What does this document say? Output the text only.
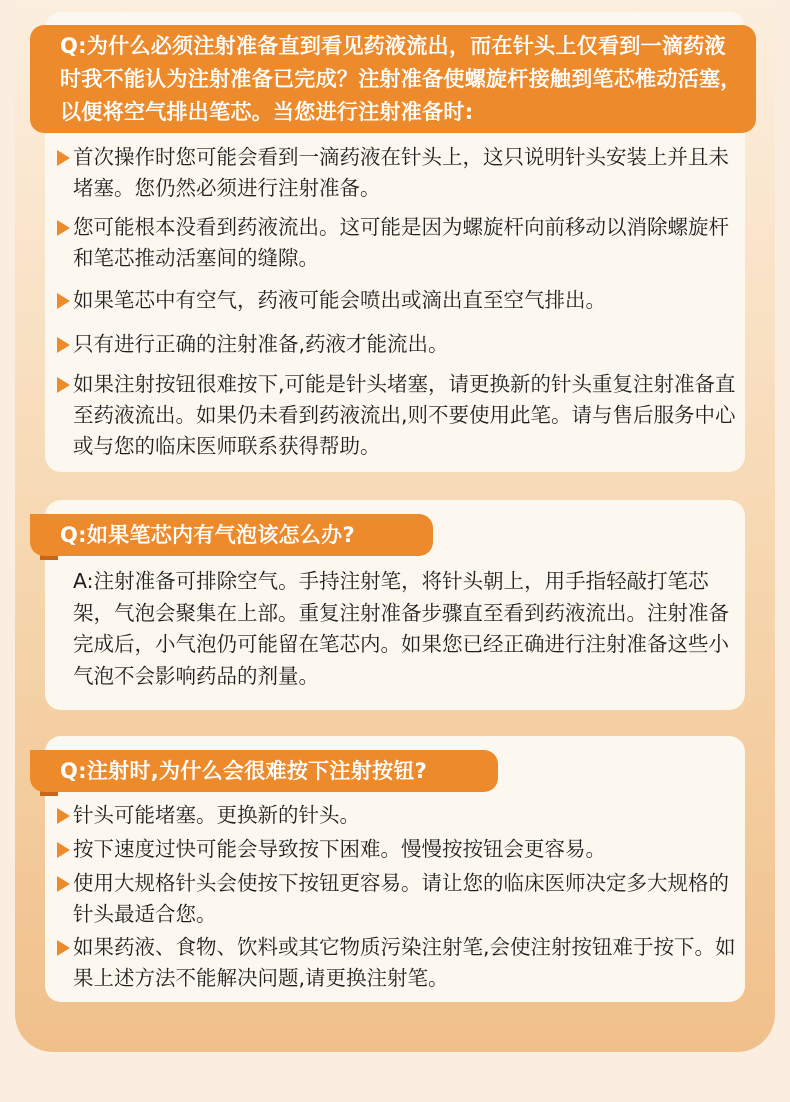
Q:为什么必须注射准备直到看见药液流出，而在针头上仅看到一滴药液时我不能认为注射准备已完成？注射准备使螺旋杆接触到笔芯椎动活塞，以便将空气排出笔芯。当您进行注射准备时:
首次操作时您可能会看到一滴药液在针头上，这只说明针头安装上并且未堵塞。您仍然必须进行注射准备。
您可能根本没看到药液流出。这可能是因为螺旋杆向前移动以消除螺旋杆和笔芯推动活塞间的缝隙。
如果笔芯中有空气，药液可能会喷出或滴出直至空气排出。
只有进行正确的注射准备,药液才能流出。
如果注射按钮很难按下,可能是针头堵塞，请更换新的针头重复注射准备直至药液流出。如果仍未看到药液流出,则不要使用此笔。请与售后服务中心或与您的临床医师联系获得帮助。
Q:如果笔芯内有气泡该怎么办?
A:注射准备可排除空气。手持注射笔，将针头朝上，用手指轻敲打笔芯架，气泡会聚集在上部。重复注射准备步骤直至看到药液流出。注射准备完成后，小气泡仍可能留在笔芯内。如果您已经正确进行注射准备这些小气泡不会影响药品的剂量。
Q:注射时,为什么会很难按下注射按钮?
针头可能堵塞。更换新的针头。
按下速度过快可能会导致按下困难。慢慢按按钮会更容易。
使用大规格针头会使按下按钮更容易。请让您的临床医师决定多大规格的针头最适合您。
如果药液、食物、饮料或其它物质污染注射笔,会使注射按钮难于按下。如果上述方法不能解决问题,请更换注射笔。
